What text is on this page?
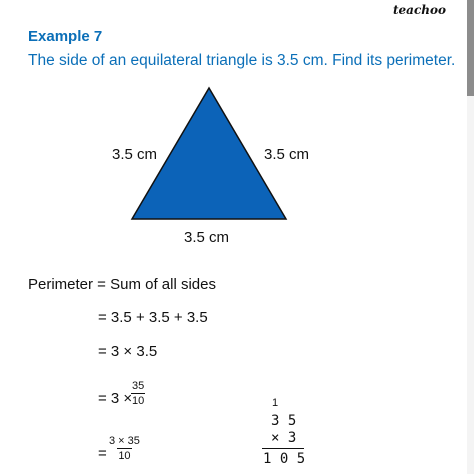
teachoo
Example 7
The side of an equilateral triangle is 3.5 cm. Find its perimeter.
3.5 cm	3.5 cm
3.5 cm
Perimeter = Sum of all sides
= 3.5 + 3.5 + 3.5
= 3 × 3.5
= 3 ×
$\frac{35}{10}$
= $\frac{3 \times 35}{10}$
1
3 5
× 3
1 0 5
